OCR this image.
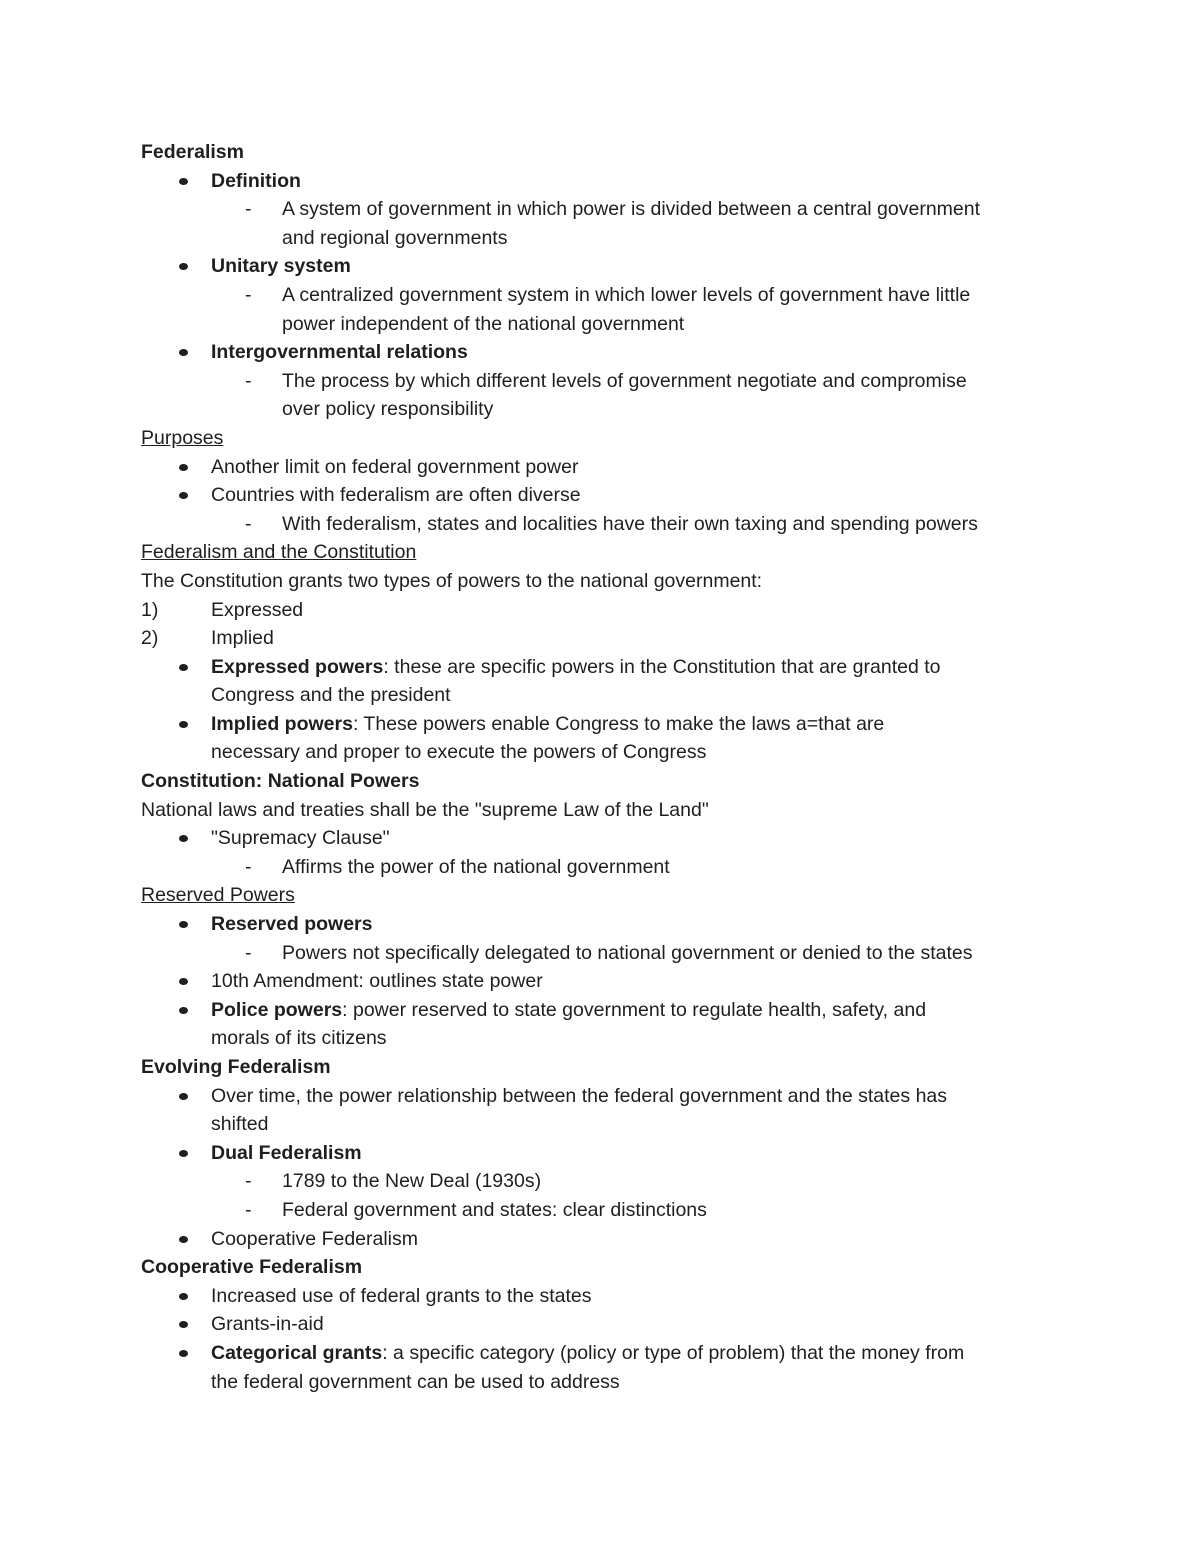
Federalism
Definition
- A system of government in which power is divided between a central government
and regional governments
Unitary system
- A centralized government system in which lower levels of government have little
power independent of the national government
Intergovernmental relations
- The process by which different levels of government negotiate and compromise
over policy responsibility
Purposes
Another limit on federal government power
Countries with federalism are often diverse
- With federalism, states and localities have their own taxing and spending powers
Federalism and the Constitution
The Constitution grants two types of powers to the national government:
1)	Expressed
2)	Implied
Expressed powers: these are specific powers in the Constitution that are granted to
Congress and the president
Implied powers: These powers enable Congress to make the laws a=that are
necessary and proper to execute the powers of Congress
Constitution: National Powers
National laws and treaties shall be the "supreme Law of the Land"
"Supremacy Clause"
- Affirms the power of the national government
Reserved Powers
Reserved powers
- Powers not specifically delegated to national government or denied to the states
10th Amendment: outlines state power
Police powers: power reserved to state government to regulate health, safety, and
morals of its citizens
Evolving Federalism
Over time, the power relationship between the federal government and the states has
shifted
Dual Federalism
- 1789 to the New Deal (1930s)
- Federal government and states: clear distinctions
Cooperative Federalism
Cooperative Federalism
Increased use of federal grants to the states
Grants-in-aid
Categorical grants: a specific category (policy or type of problem) that the money from
the federal government can be used to address
